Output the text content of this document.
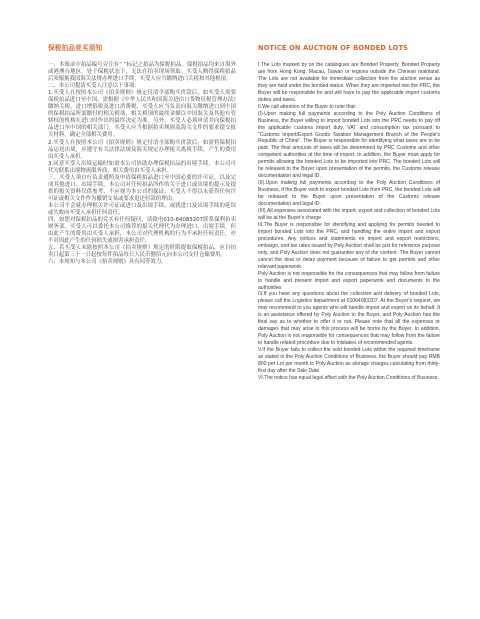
保税拍品竞买须知

一、本图录中拍品编号旁注有“ ”标记之拍品为保税拍品。保税拍品均来自海外或港澳台地区，处于保税状态下，无法在拍卖现场领取。买受人购得保税拍品后须根据我国海关法规办理进口手续，买受人应当缴纳进口关税和其他税项。

二、本公司提请买受人注意以下事项：

1.买受人在按照本公司《拍卖规则》规定付清全部购买价款后，如买受人需要保税拍品进口至中国，需根据《中华人民共和国海关进出口货物征税管理办法》缴纳关税、进口增值税及进口消费税，买受人应当负责向海关缴纳进口到中国的保税拍品所需缴付的相关税项，相关税项的最终金额以中国海关及其他有管辖权的机构在进口时作出的最终决定为准。另外，买受人必须申请并向保税拍品进口至中国的相关部门，买受人应当根据拍卖规则及海关文件的要求提交报关材料，确定全部相关费用。

2.买受人在按照本公司《拍卖规则》规定付清全部购买价款后，如需将保税拍品运送出境，应遵守有关法律法规及海关规定办理报关离境手续，产生的费用由买受人承担。

3.同意买受人出境运输时如需本公司协助办理保税拍品的出境手续，本公司可代为联系出境物流服务商，相关费用由买受人承担。

三、买受人须自行负责遵照及申请保税拍品进口至中国必要的许可证，以及完成其他进口、出境手续。本公司对任何拍品所作的关于进口或出境的提示及提供的报关资料仅供参考，不应视为本公司的保证。买受人不得以未获得任何许可证或相关文件作为撤销交易或要求退还付款的理由。

本公司不会就办理相关许可证或进口及出境手续，或就进口及出境手续的延误或失败向买受人承担任何责任。

四、如您对保税拍品的竞买有任何疑问，请致电010-64083207联系保利拍卖财务部。买受人可以委托本公司推荐的报关代理代为办理进口、出境手续，但由此产生的费用由买受人承担，本公司对代理机构的行为不承担任何责任，亦不对因此产生的任何损失或损害承担责任。

五、若买受人未能按照本公司《拍卖规则》规定的时限提取保税拍品，应自拍卖日起第三十一日起按每件拍品每日人民币捌佰元向本公司支付仓储费用。

六、本须知与本公司《拍卖规则》具有同等效力。

NOTICE ON AUCTION OF BONDED LOTS

I.The Lots marked by on the catalogues are Bonded Property. Bonded Property are from Hong Kong, Macau, Taiwan or regions outside the Chinese mainland. The Lots are not available for immediate collection from the auction venue as they are held under the bonded status. When they are imported into the PRC, the Buyer will be responsible for and will have to pay the applicable import customs duties and taxes.

II.We call attention of the Buyer to note that:

(I).Upon making full payments according to the Poly Auction Conditions of Business, the Buyer willing to import bonded Lots into the PRC needs to pay off the applicable customs import duty, VAT and consumption tax pursuant to "Customs Import/Export Goods Taxation Management Branch of the People's Republic of China". The Buyer is responsible for identifying what taxes are to be paid. The final amounts of taxes will be determined by PRC Customs and other competent authorities at the time of import. In addition, the Buyer must apply for permits allowing the bonded Lots to be imported into PRC. The bonded Lots will be released to the Buyer upon presentation of the permits, the Customs release documentation and legal ID.

(II).Upon making full payments according to the Poly Auction Conditions of Business, if the Buyer wish to export bonded Lots from PRC, the bonded Lots will be released to the Buyer upon presentation of the Customs release documentation and legal ID.

(III).All expenses associated with the import, export and collection of bonded Lots will be at the Buyer's charge.

III.The Buyer is responsible for identifying and applying for permits needed to import bonded Lots into the PRC, and handling the entire import and export procedures. Any notices and statements on import and export restrictions, embargo, and tax rates issued by Poly Auction shall be just for reference purpose only, and Poly Auction does not guarantee any of the content. The Buyer cannot cancel the deal or delay payment because of failure to get permits and other relevant paperwork.

Poly Auction is not responsible for the consequences that may follow from failure to handle and present import and export paperwork and documents to the authorities.

IV.If you have any questions about the collection and delivery of bonded Lots, please call the Logistics department at 01064083207. At the Buyer's request, we may recommend to you agents who will handle import and export on its behalf. It is an assistance offered by Poly Auction to the Buyer, and Poly Auction has the final say as to whether to offer it or not. Please note that all the expenses or damages that may arise in this process will be borne by the Buyer. In addition, Poly Auction is not responsible for consequences that may follow from the failure to handle related procedure due to mistakes of recommended agents.

V.If the Buyer fails to collect the sold bonded Lots within the required timeframe as stated in the Poly Auction Conditions of Business, the Buyer should pay RMB 800 per Lot per month to Poly Auction as storage charges calculating from thirty-first day after the Sale Date.

VI.The notice has equal legal effect with the Poly Auction Conditions of Business.
